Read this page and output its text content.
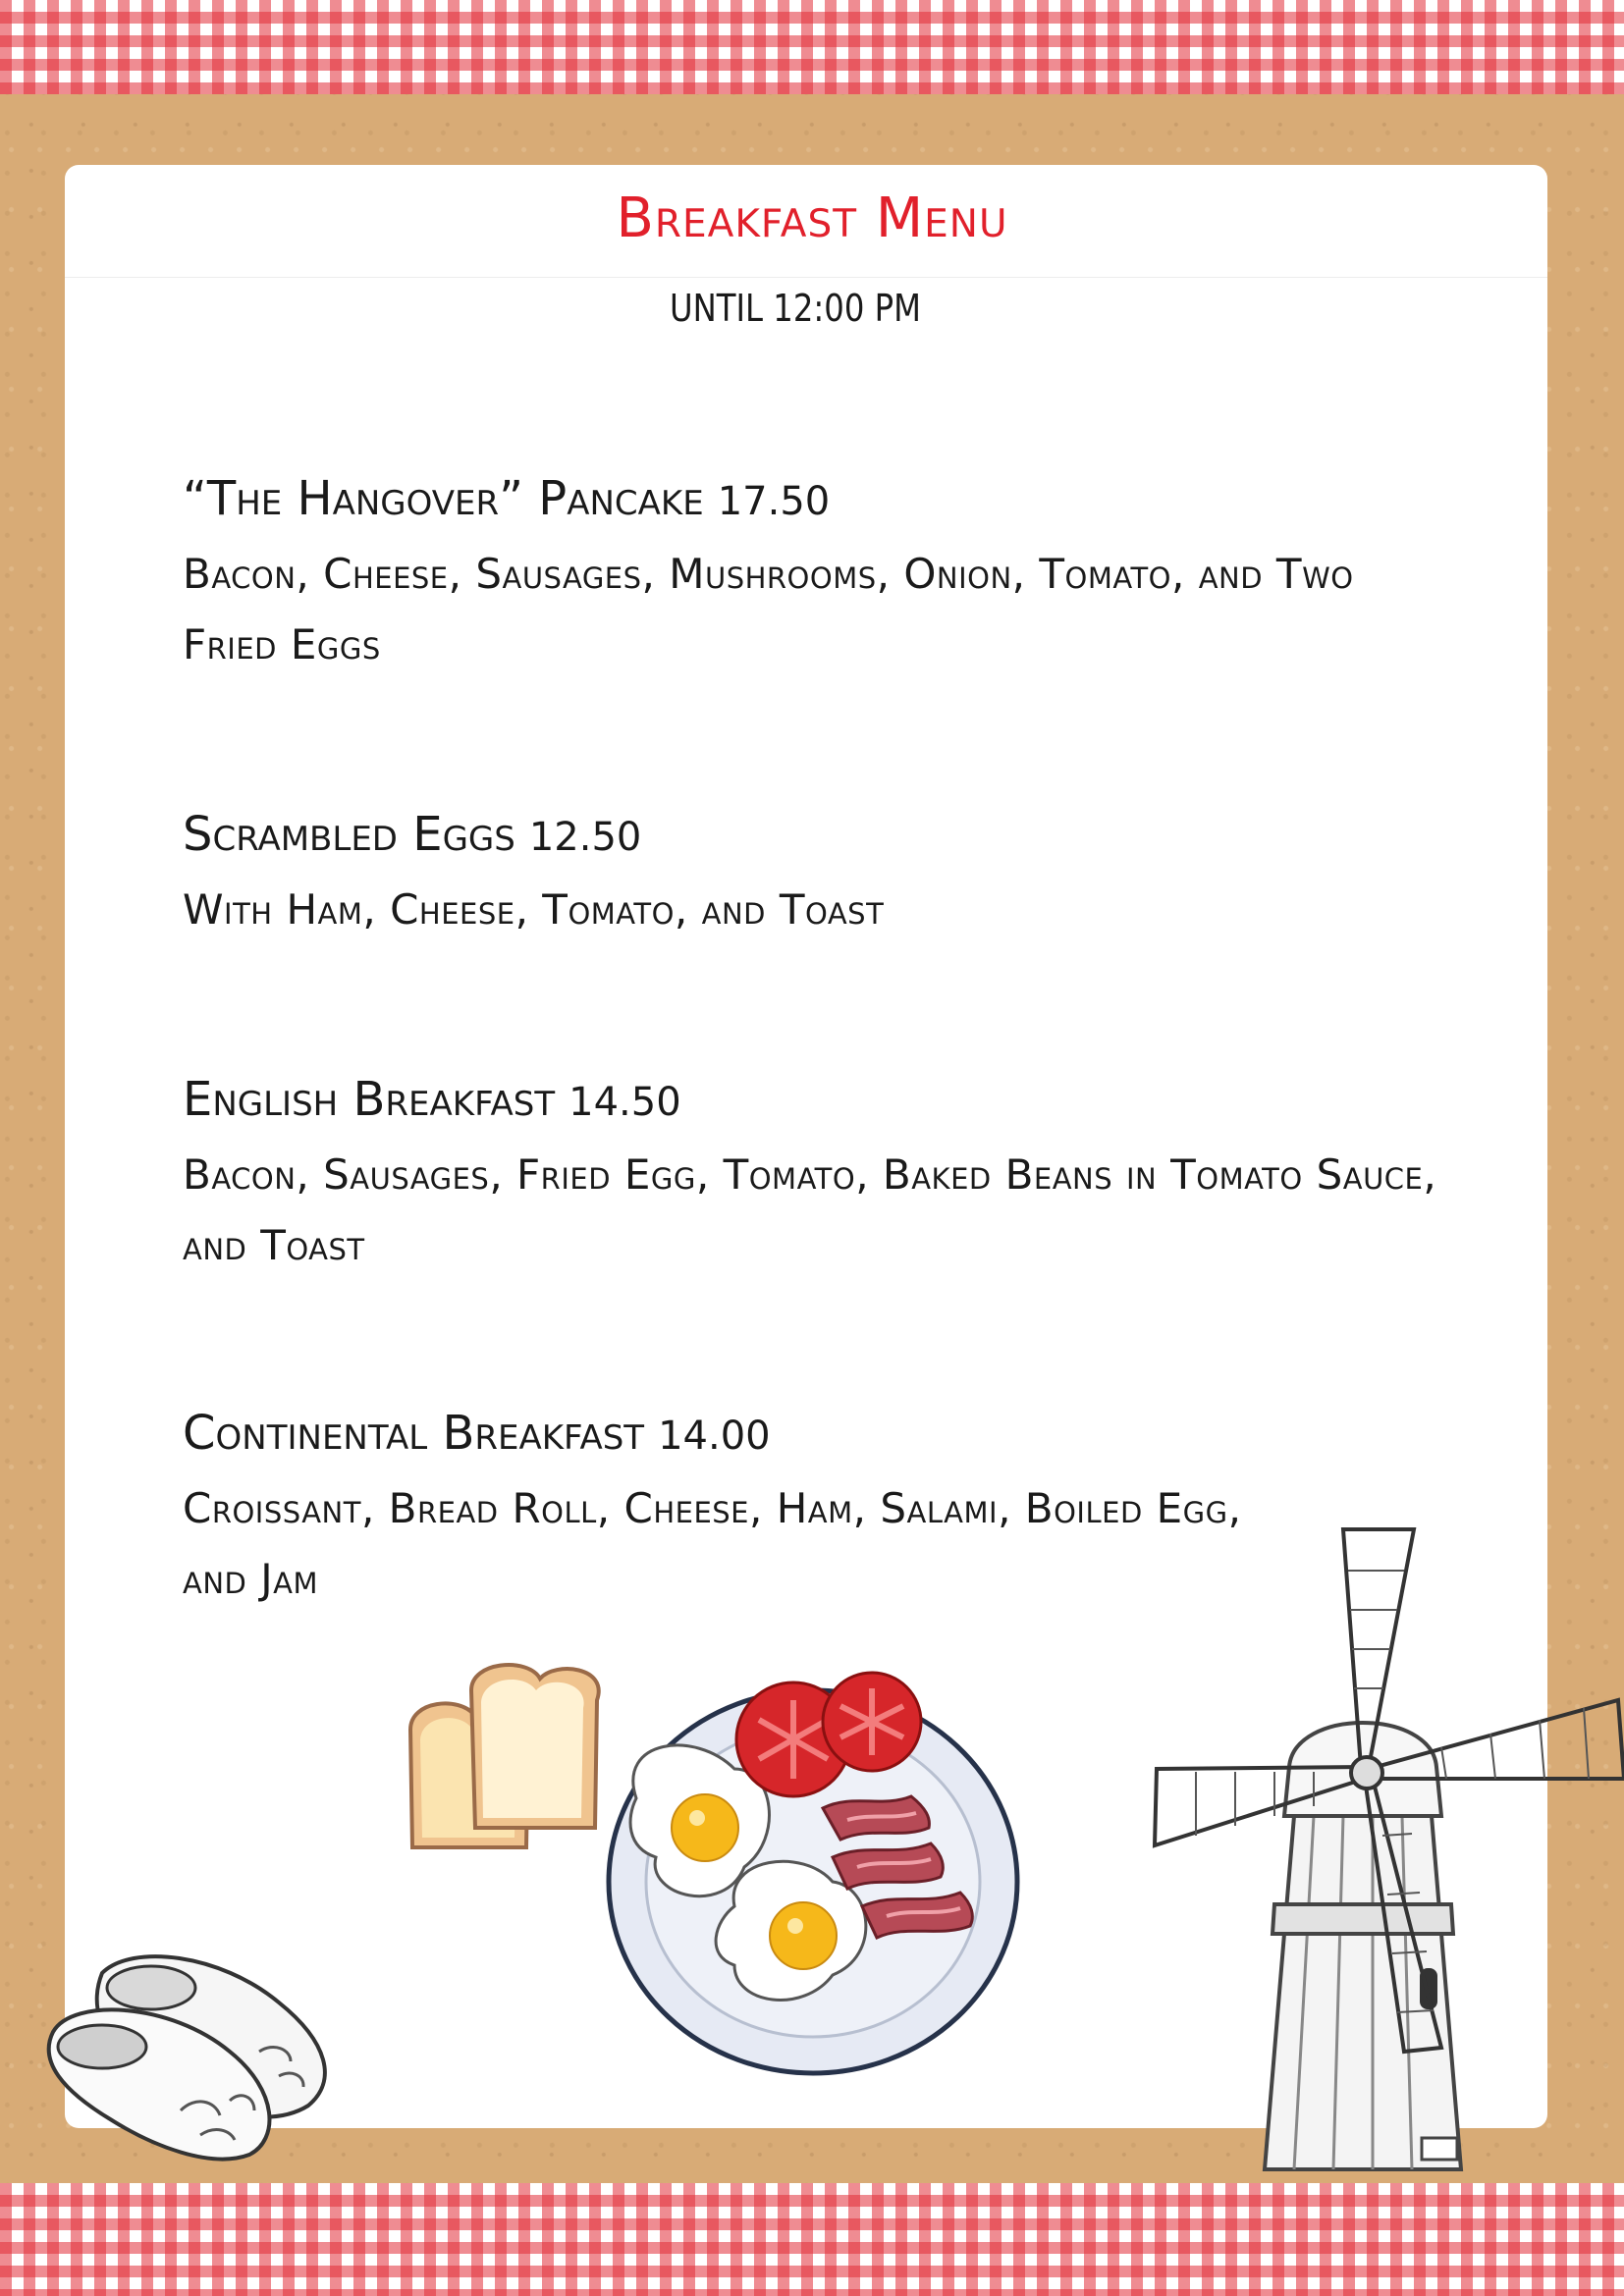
Breakfast Menu
UNTIL 12:00 PM
“The Hangover” Pancake 17.50
Bacon, Cheese, Sausages, Mushrooms, Onion, Tomato, and Two Fried Eggs
Scrambled Eggs 12.50
With Ham, Cheese, Tomato, and Toast
English Breakfast 14.50
Bacon, Sausages, Fried Egg, Tomato, Baked Beans in Tomato Sauce, and Toast
Continental Breakfast 14.00
Croissant, Bread Roll, Cheese, Ham, Salami, Boiled Egg, and Jam
